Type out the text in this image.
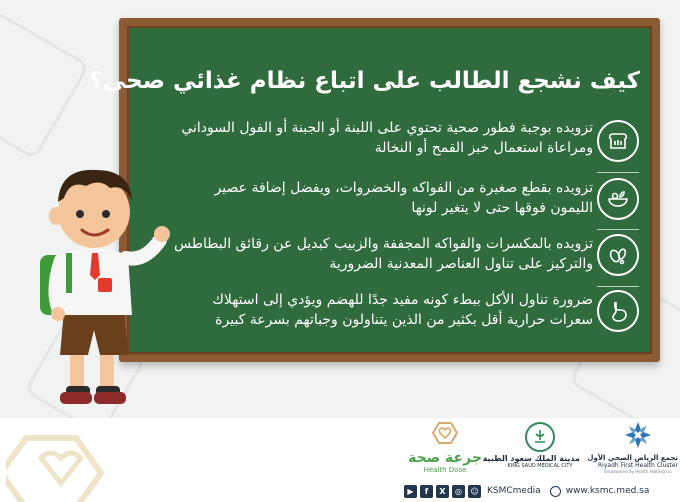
كيف نشجع الطالب على اتباع نظام غذائي صحي؟
تزويده بوجبة فطور صحية تحتوي على اللبنة أو الجبنة أو الفول السوداني ومراعاة استعمال خبز القمح أو النخالة
تزويده بقطع صغيرة من الفواكه والخضروات، ويفضل إضافة عصير الليمون فوقها حتى لا يتغير لونها
تزويده بالمكسرات والفواكه المجففة والزبيب كبديل عن رقائق البطاطس والتركيز على تناول العناصر المعدنية الضرورية
ضرورة تناول الأكل ببطء كونه مفيد جدًا للهضم ويؤدي إلى استهلاك سعرات حرارية أقل بكثير من الذين يتناولون وجباتهم بسرعة كبيرة
تجمع الرياض الصحي الأول
Riyadh First Health Cluster
Empowered by Health Holding co.
مدينة الملك سعود الطبية
KING SAUD MEDICAL CITY
جرعة صحة
Health Dose
▶	f	X	◎	☺ KSMCmedia	www.ksmc.med.sa
